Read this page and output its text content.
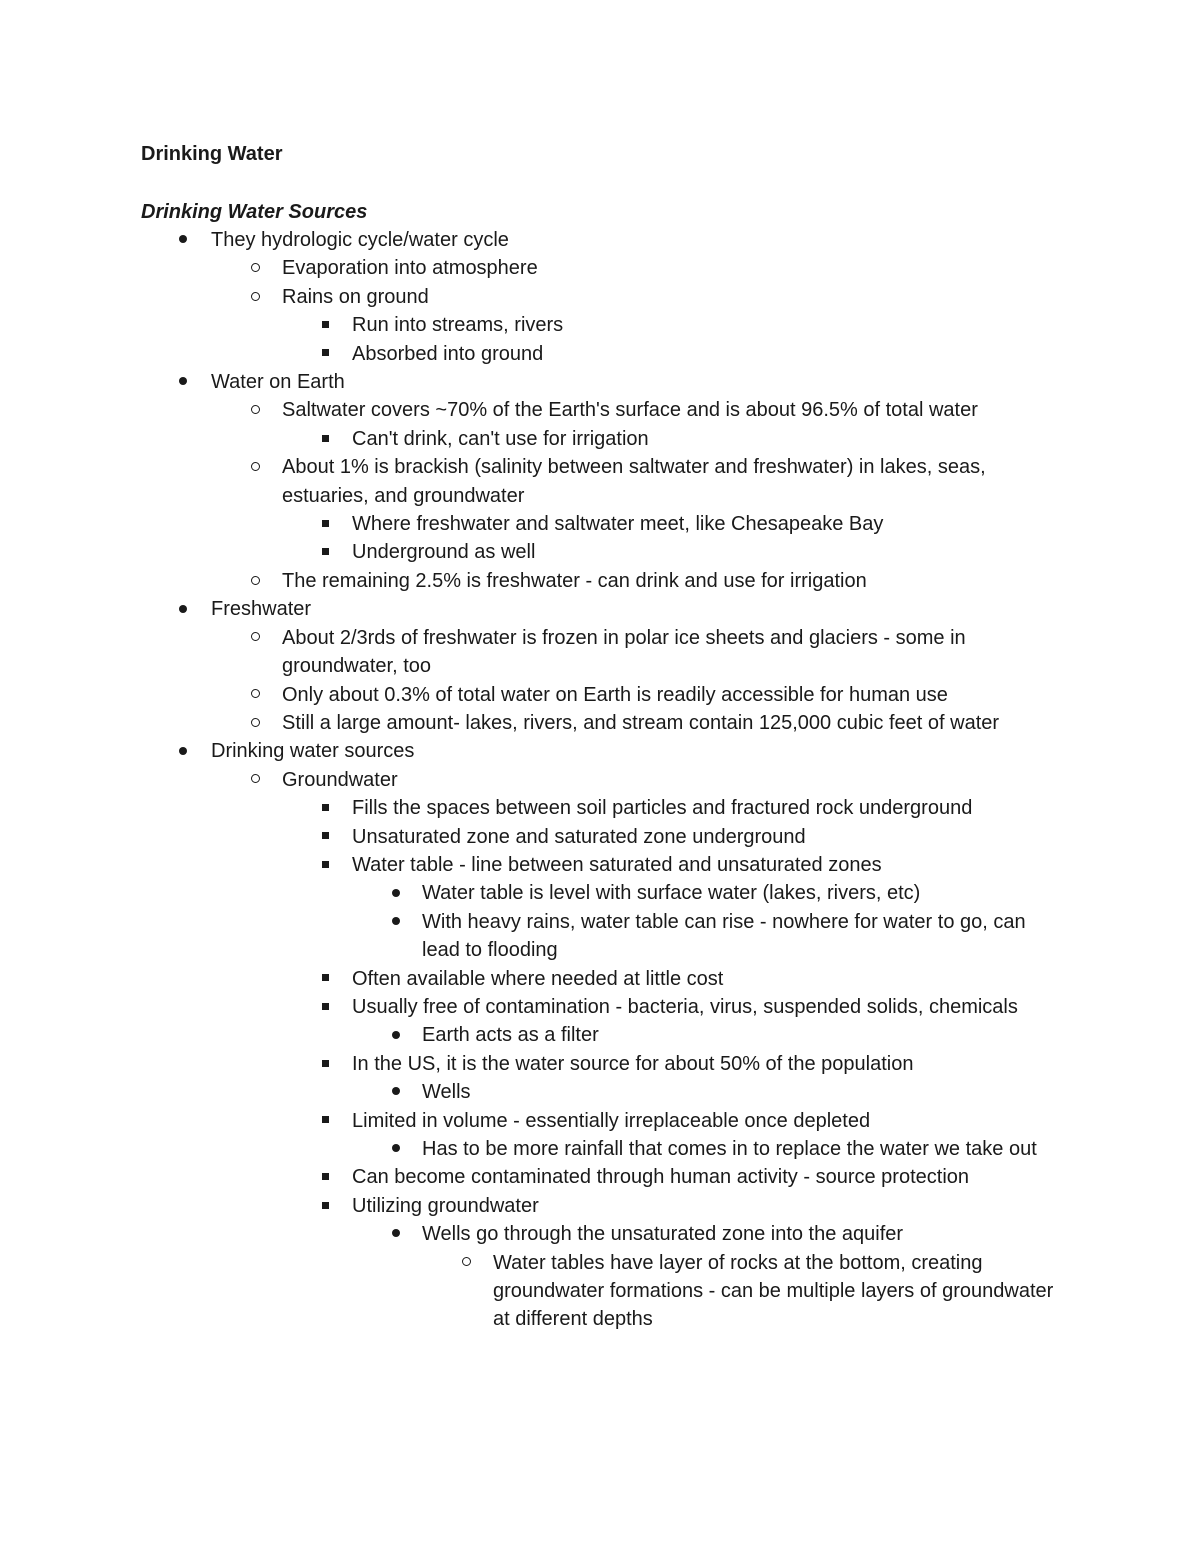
Drinking Water
Drinking Water Sources
They hydrologic cycle/water cycle
Evaporation into atmosphere
Rains on ground
Run into streams, rivers
Absorbed into ground
Water on Earth
Saltwater covers ~70% of the Earth's surface and is about 96.5% of total water
Can't drink, can't use for irrigation
About 1% is brackish (salinity between saltwater and freshwater) in lakes, seas, estuaries, and groundwater
Where freshwater and saltwater meet, like Chesapeake Bay
Underground as well
The remaining 2.5% is freshwater - can drink and use for irrigation
Freshwater
About 2/3rds of freshwater is frozen in polar ice sheets and glaciers - some in groundwater, too
Only about 0.3% of total water on Earth is readily accessible for human use
Still a large amount- lakes, rivers, and stream contain 125,000 cubic feet of water
Drinking water sources
Groundwater
Fills the spaces between soil particles and fractured rock underground
Unsaturated zone and saturated zone underground
Water table - line between saturated and unsaturated zones
Water table is level with surface water (lakes, rivers, etc)
With heavy rains, water table can rise - nowhere for water to go, can lead to flooding
Often available where needed at little cost
Usually free of contamination - bacteria, virus, suspended solids, chemicals
Earth acts as a filter
In the US, it is the water source for about 50% of the population
Wells
Limited in volume - essentially irreplaceable once depleted
Has to be more rainfall that comes in to replace the water we take out
Can become contaminated through human activity - source protection
Utilizing groundwater
Wells go through the unsaturated zone into the aquifer
Water tables have layer of rocks at the bottom, creating groundwater formations - can be multiple layers of groundwater at different depths
